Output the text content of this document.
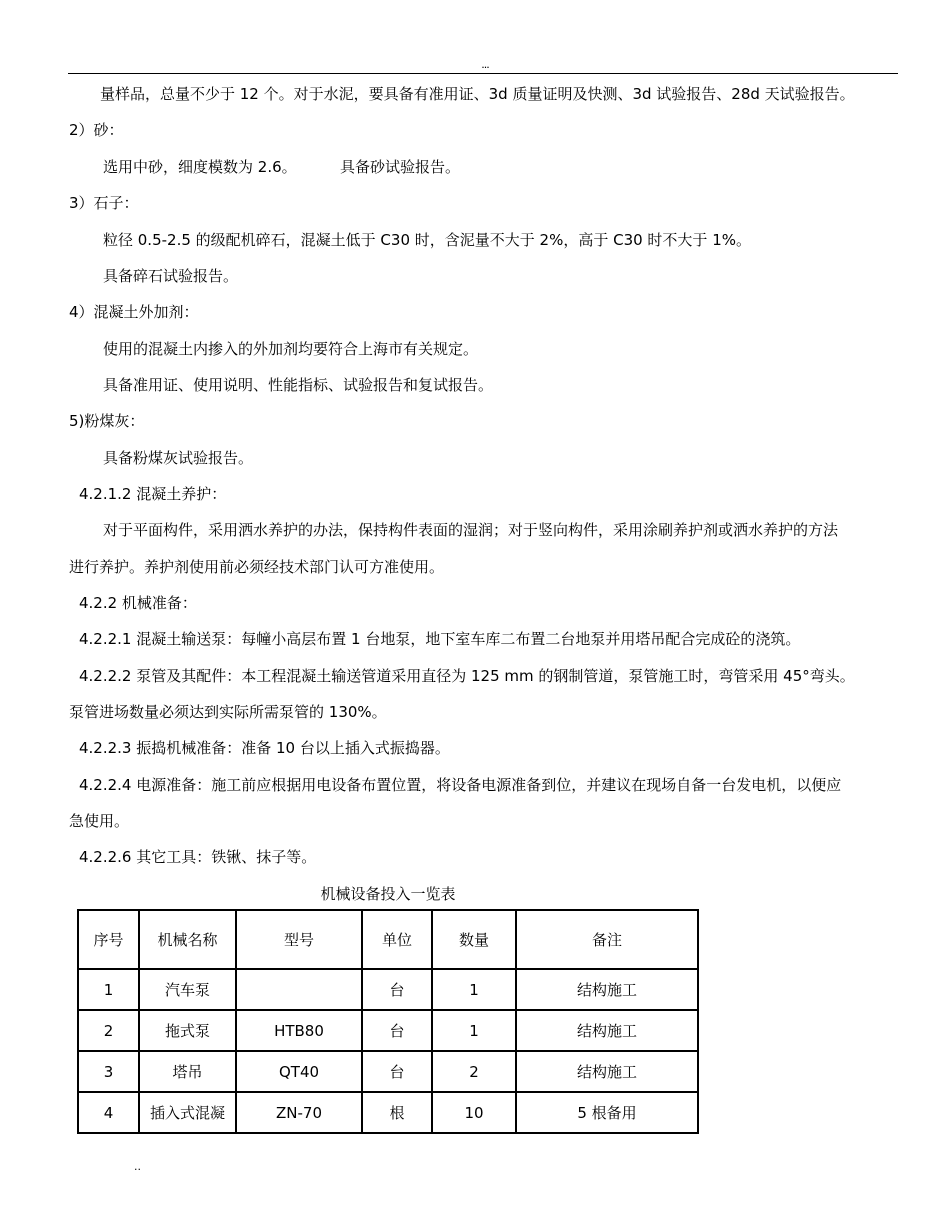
...
量样品，总量不少于 12 个。对于水泥，要具备有准用证、3d 质量证明及快测、3d 试验报告、28d 天试验报告。
2）砂：
选用中砂，细度模数为 2.6。	具备砂试验报告。
3）石子：
粒径 0.5-2.5 的级配机碎石，混凝土低于 C30 时，含泥量不大于 2%，高于 C30 时不大于 1%。
具备碎石试验报告。
4）混凝土外加剂：
使用的混凝土内掺入的外加剂均要符合上海市有关规定。
具备准用证、使用说明、性能指标、试验报告和复试报告。
5)粉煤灰：
具备粉煤灰试验报告。
4.2.1.2 混凝土养护：
对于平面构件，采用洒水养护的办法，保持构件表面的湿润；对于竖向构件，采用涂刷养护剂或洒水养护的方法
进行养护。养护剂使用前必须经技术部门认可方准使用。
4.2.2 机械准备：
4.2.2.1 混凝土输送泵：每幢小高层布置 1 台地泵，地下室车库二布置二台地泵并用塔吊配合完成砼的浇筑。
4.2.2.2 泵管及其配件：本工程混凝土输送管道采用直径为 125 mm 的钢制管道，泵管施工时，弯管采用 45°弯头。
泵管进场数量必须达到实际所需泵管的 130%。
4.2.2.3 振捣机械准备：准备 10 台以上插入式振捣器。
4.2.2.4 电源准备：施工前应根据用电设备布置位置，将设备电源准备到位，并建议在现场自备一台发电机，以便应
急使用。
4.2.2.6 其它工具：铁锹、抹子等。
机械设备投入一览表
序号	机械名称	型号	单位	数量	备注
1	汽车泵		台	1	结构施工
2	拖式泵	HTB80	台	1	结构施工
3	塔吊	QT40	台	2	结构施工
4	插入式混凝	ZN-70	根	10	5 根备用
..
